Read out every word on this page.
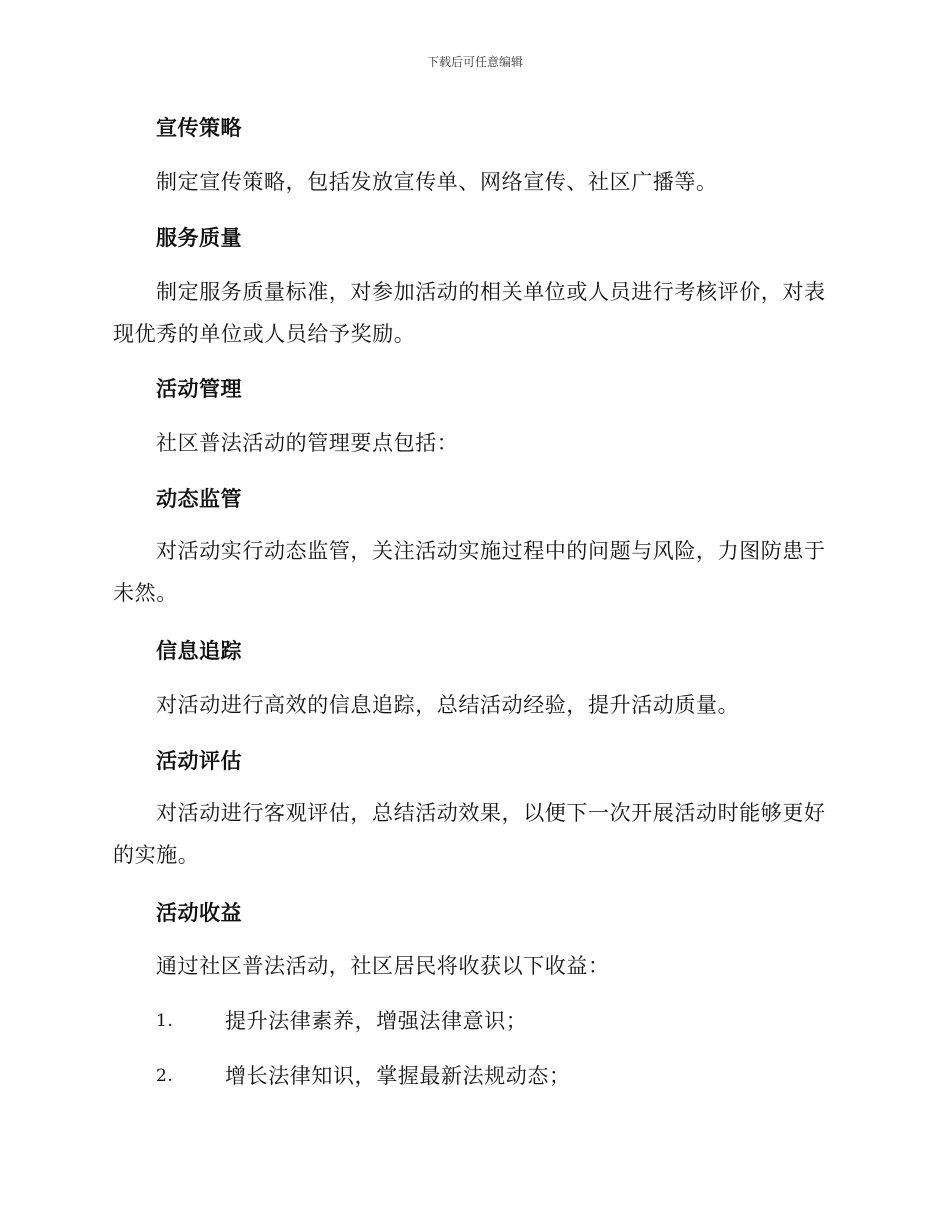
下载后可任意编辑
宣传策略

制定宣传策略，包括发放宣传单、网络宣传、社区广播等。

服务质量

制定服务质量标准，对参加活动的相关单位或人员进行考核评价，对表现优秀的单位或人员给予奖励。

活动管理

社区普法活动的管理要点包括：

动态监管

对活动实行动态监管，关注活动实施过程中的问题与风险，力图防患于未然。

信息追踪

对活动进行高效的信息追踪，总结活动经验，提升活动质量。

活动评估

对活动进行客观评估，总结活动效果，以便下一次开展活动时能够更好的实施。

活动收益

通过社区普法活动，社区居民将收获以下收益：

1. 提升法律素养，增强法律意识；
2. 增长法律知识，掌握最新法规动态；
